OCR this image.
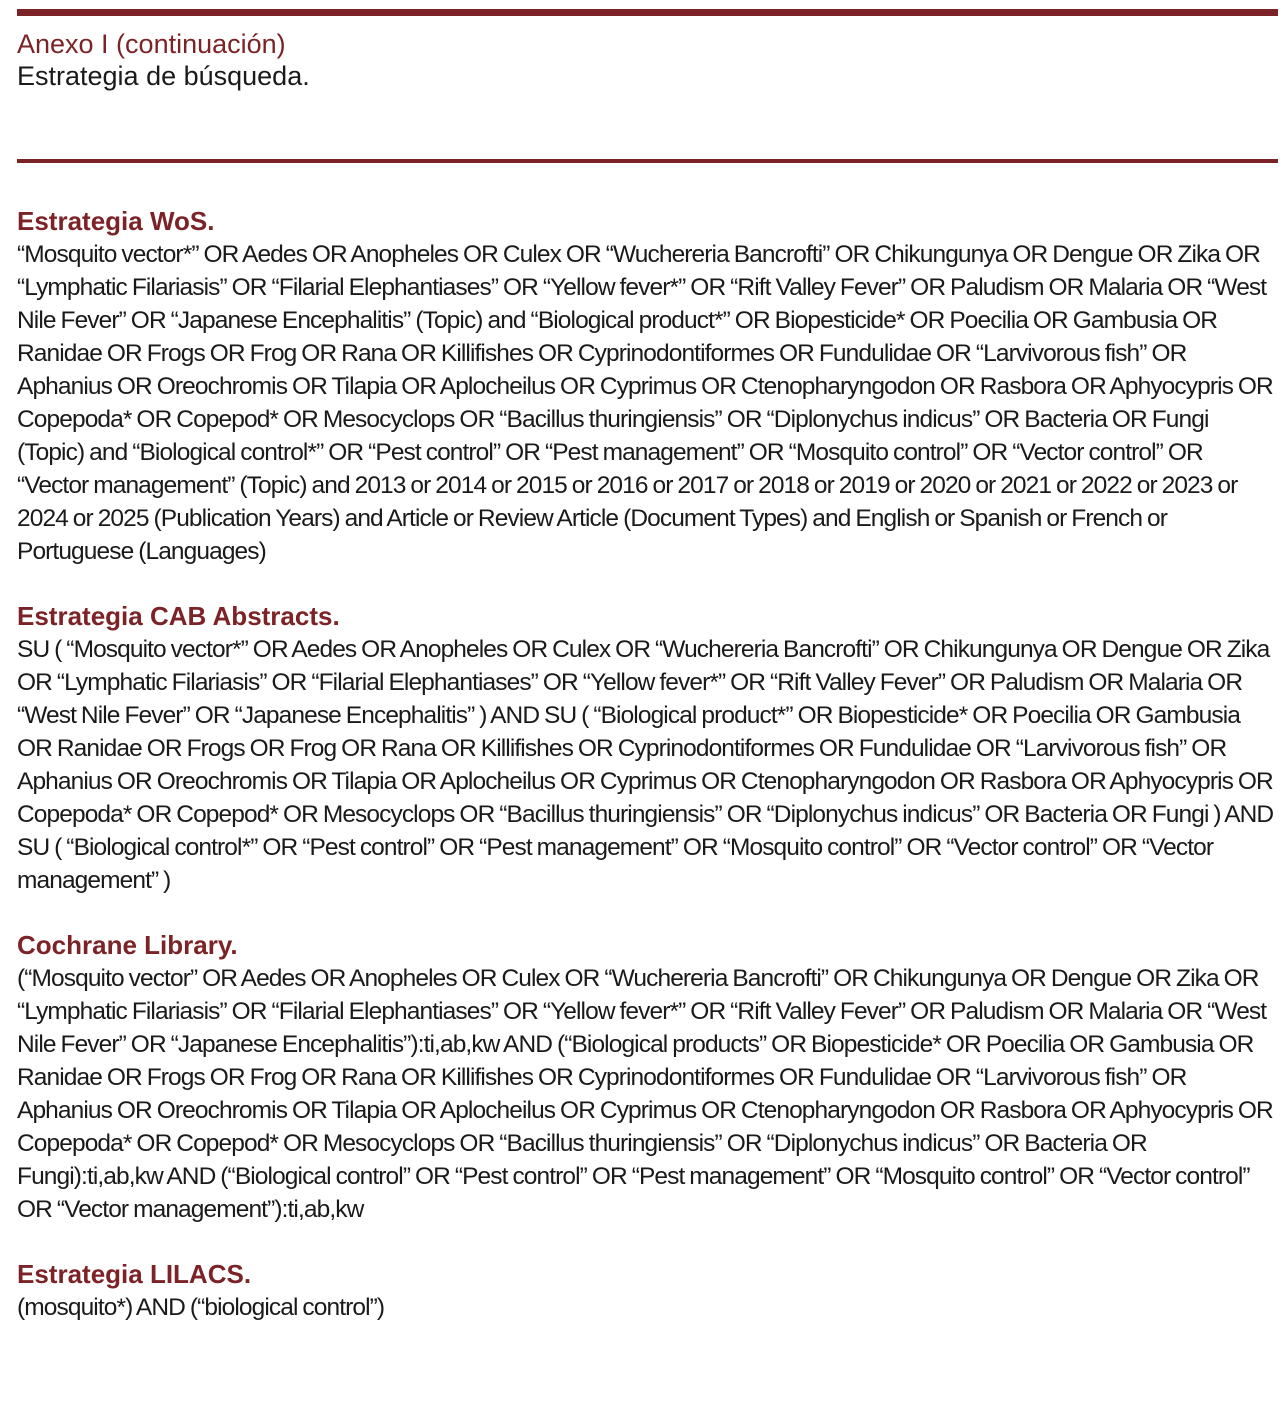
Anexo I (continuación)
Estrategia de búsqueda.
Estrategia WoS.
“Mosquito vector*” OR Aedes OR Anopheles OR Culex OR “Wuchereria Bancrofti” OR Chikungunya OR Dengue OR Zika OR “Lymphatic Filariasis” OR “Filarial Elephantiases” OR “Yellow fever*” OR “Rift Valley Fever” OR Paludism OR Malaria OR “West Nile Fever” OR “Japanese Encephalitis” (Topic) and “Biological product*” OR Biopesticide* OR Poecilia OR Gambusia OR Ranidae OR Frogs OR Frog OR Rana OR Killifishes OR Cyprinodontiformes OR Fundulidae OR “Larvivorous fish” OR Aphanius OR Oreochromis OR Tilapia OR Aplocheilus OR Cyprimus OR Ctenopharyngodon OR Rasbora OR Aphyocypris OR Copepoda* OR Copepod* OR Mesocyclops OR “Bacillus thuringiensis” OR “Diplonychus indicus” OR Bacteria OR Fungi (Topic) and “Biological control*” OR “Pest control” OR “Pest management” OR “Mosquito control” OR “Vector control” OR “Vector management” (Topic) and 2013 or 2014 or 2015 or 2016 or 2017 or 2018 or 2019 or 2020 or 2021 or 2022 or 2023 or 2024 or 2025 (Publication Years) and Article or Review Article (Document Types) and English or Spanish or French or Portuguese (Languages)
Estrategia CAB Abstracts.
SU ( “Mosquito vector*” OR Aedes OR Anopheles OR Culex OR “Wuchereria Bancrofti” OR Chikungunya OR Dengue OR Zika OR “Lymphatic Filariasis” OR “Filarial Elephantiases” OR “Yellow fever*” OR “Rift Valley Fever” OR Paludism OR Malaria OR “West Nile Fever” OR “Japanese Encephalitis” ) AND SU ( “Biological product*” OR Biopesticide* OR Poecilia OR Gambusia OR Ranidae OR Frogs OR Frog OR Rana OR Killifishes OR Cyprinodontiformes OR Fundulidae OR “Larvivorous fish” OR Aphanius OR Oreochromis OR Tilapia OR Aplocheilus OR Cyprimus OR Ctenopharyngodon OR Rasbora OR Aphyocypris OR Copepoda* OR Copepod* OR Mesocyclops OR “Bacillus thuringiensis” OR “Diplonychus indicus” OR Bacteria OR Fungi ) AND SU ( “Biological control*” OR “Pest control” OR “Pest management” OR “Mosquito control” OR “Vector control” OR “Vector management” )
Cochrane Library.
(“Mosquito vector” OR Aedes OR Anopheles OR Culex OR “Wuchereria Bancrofti” OR Chikungunya OR Dengue OR Zika OR “Lymphatic Filariasis” OR “Filarial Elephantiases” OR “Yellow fever*” OR “Rift Valley Fever” OR Paludism OR Malaria OR “West Nile Fever” OR “Japanese Encephalitis”):ti,ab,kw AND (“Biological products” OR Biopesticide* OR Poecilia OR Gambusia OR Ranidae OR Frogs OR Frog OR Rana OR Killifishes OR Cyprinodontiformes OR Fundulidae OR “Larvivorous fish” OR Aphanius OR Oreochromis OR Tilapia OR Aplocheilus OR Cyprimus OR Ctenopharyngodon OR Rasbora OR Aphyocypris OR Copepoda* OR Copepod* OR Mesocyclops OR “Bacillus thuringiensis” OR “Diplonychus indicus” OR Bacteria OR Fungi):ti,ab,kw AND (“Biological control” OR “Pest control” OR “Pest management” OR “Mosquito control” OR “Vector control” OR “Vector management”):ti,ab,kw
Estrategia LILACS.
(mosquito*) AND (“biological control”)
